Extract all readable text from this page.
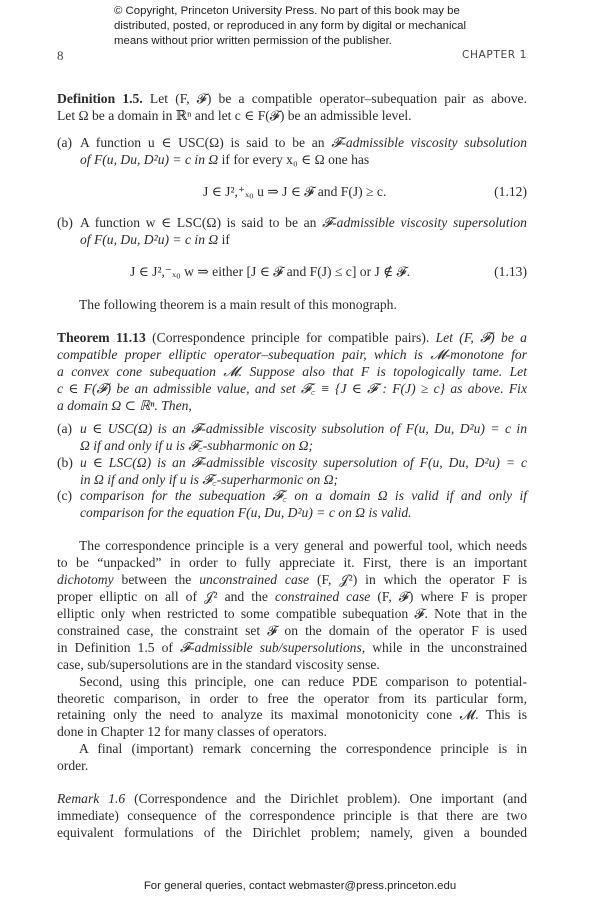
© Copyright, Princeton University Press. No part of this book may be
distributed, posted, or reproduced in any form by digital or mechanical
means without prior written permission of the publisher.
8	CHAPTER 1
Definition 1.5. Let (F, 𝓕) be a compatible operator–subequation pair as above.
Let Ω be a domain in ℝⁿ and let c ∈ F(𝓕) be an admissible level.
(a) A function u ∈ USC(Ω) is said to be an 𝓕-admissible viscosity subsolution
of F(u, Du, D²u) = c in Ω if for every x₀ ∈ Ω one has
J ∈ J²,⁺ₓ₀ u ⇒ J ∈ 𝓕 and F(J) ≥ c.	(1.12)
(b) A function w ∈ LSC(Ω) is said to be an 𝓕-admissible viscosity supersolution
of F(u, Du, D²u) = c in Ω if
J ∈ J²,⁻ₓ₀ w ⇒ either [J ∈ 𝓕 and F(J) ≤ c] or J ∉ 𝓕.	(1.13)
The following theorem is a main result of this monograph.
Theorem 11.13 (Correspondence principle for compatible pairs). Let (F, 𝓕) be a
compatible proper elliptic operator–subequation pair, which is 𝓜-monotone for
a convex cone subequation 𝓜. Suppose also that F is topologically tame. Let
c ∈ F(𝓕) be an admissible value, and set 𝓕꜀ ≡ {J ∈ 𝓕 : F(J) ≥ c} as above. Fix
a domain Ω ⊂ ℝⁿ. Then,
(a) u ∈ USC(Ω) is an 𝓕-admissible viscosity subsolution of F(u, Du, D²u) = c in
Ω if and only if u is 𝓕꜀-subharmonic on Ω;
(b) u ∈ LSC(Ω) is an 𝓕-admissible viscosity supersolution of F(u, Du, D²u) = c
in Ω if and only if u is 𝓕꜀-superharmonic on Ω;
(c) comparison for the subequation 𝓕꜀ on a domain Ω is valid if and only if
comparison for the equation F(u, Du, D²u) = c on Ω is valid.
The correspondence principle is a very general and powerful tool, which needs
to be “unpacked” in order to fully appreciate it. First, there is an important
dichotomy between the unconstrained case (F, 𝒥²) in which the operator F is
proper elliptic on all of 𝒥² and the constrained case (F, 𝓕) where F is proper
elliptic only when restricted to some compatible subequation 𝓕. Note that in the
constrained case, the constraint set 𝓕 on the domain of the operator F is used
in Definition 1.5 of 𝓕-admissible sub/supersolutions, while in the unconstrained
case, sub/supersolutions are in the standard viscosity sense.
Second, using this principle, one can reduce PDE comparison to potential-
theoretic comparison, in order to free the operator from its particular form,
retaining only the need to analyze its maximal monotonicity cone 𝓜. This is
done in Chapter 12 for many classes of operators.
A final (important) remark concerning the correspondence principle is in
order.
Remark 1.6 (Correspondence and the Dirichlet problem). One important (and
immediate) consequence of the correspondence principle is that there are two
equivalent formulations of the Dirichlet problem; namely, given a bounded
For general queries, contact webmaster@press.princeton.edu
